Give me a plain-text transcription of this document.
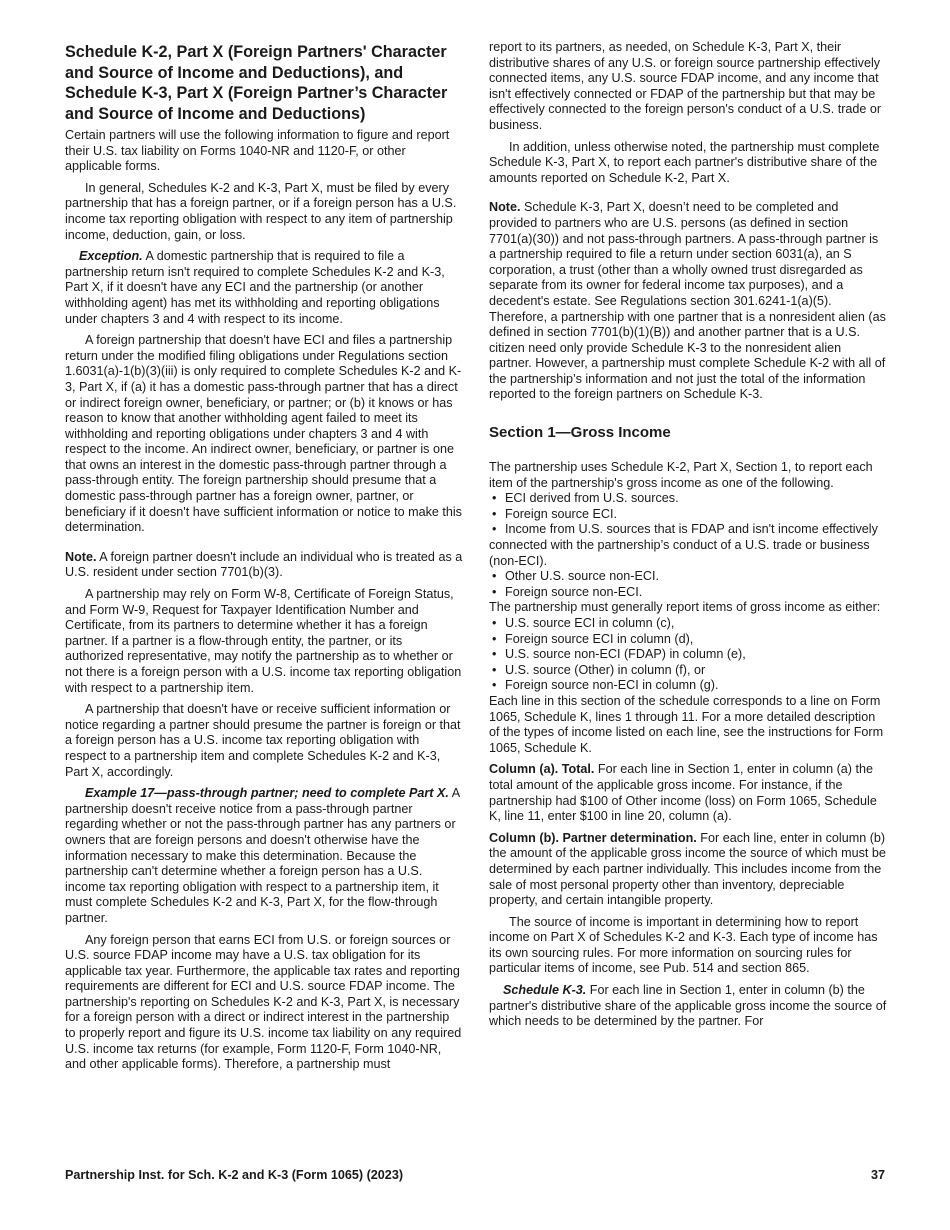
Schedule K-2, Part X (Foreign Partners' Character and Source of Income and Deductions), and Schedule K-3, Part X (Foreign Partner’s Character and Source of Income and Deductions)

Certain partners will use the following information to figure and report their U.S. tax liability on Forms 1040-NR and 1120-F, or other applicable forms.

In general, Schedules K-2 and K-3, Part X, must be filed by every partnership that has a foreign partner, or if a foreign person has a U.S. income tax reporting obligation with respect to any item of partnership income, deduction, gain, or loss.

Exception. A domestic partnership that is required to file a partnership return isn't required to complete Schedules K-2 and K-3, Part X, if it doesn't have any ECI and the partnership (or another withholding agent) has met its withholding and reporting obligations under chapters 3 and 4 with respect to its income.

A foreign partnership that doesn't have ECI and files a partnership return under the modified filing obligations under Regulations section 1.6031(a)-1(b)(3)(iii) is only required to complete Schedules K-2 and K-3, Part X, if (a) it has a domestic pass-through partner that has a direct or indirect foreign owner, beneficiary, or partner; or (b) it knows or has reason to know that another withholding agent failed to meet its withholding and reporting obligations under chapters 3 and 4 with respect to the income. An indirect owner, beneficiary, or partner is one that owns an interest in the domestic pass-through partner through a pass-through entity. The foreign partnership should presume that a domestic pass-through partner has a foreign owner, partner, or beneficiary if it doesn't have sufficient information or notice to make this determination.

Note. A foreign partner doesn't include an individual who is treated as a U.S. resident under section 7701(b)(3).

A partnership may rely on Form W-8, Certificate of Foreign Status, and Form W-9, Request for Taxpayer Identification Number and Certificate, from its partners to determine whether it has a foreign partner. If a partner is a flow-through entity, the partner, or its authorized representative, may notify the partnership as to whether or not there is a foreign person with a U.S. income tax reporting obligation with respect to a partnership item.

A partnership that doesn't have or receive sufficient information or notice regarding a partner should presume the partner is foreign or that a foreign person has a U.S. income tax reporting obligation with respect to a partnership item and complete Schedules K-2 and K-3, Part X, accordingly.

Example 17—pass-through partner; need to complete Part X. A partnership doesn't receive notice from a pass-through partner regarding whether or not the pass-through partner has any partners or owners that are foreign persons and doesn't otherwise have the information necessary to make this determination. Because the partnership can't determine whether a foreign person has a U.S. income tax reporting obligation with respect to a partnership item, it must complete Schedules K-2 and K-3, Part X, for the flow-through partner.

Any foreign person that earns ECI from U.S. or foreign sources or U.S. source FDAP income may have a U.S. tax obligation for its applicable tax year. Furthermore, the applicable tax rates and reporting requirements are different for ECI and U.S. source FDAP income. The partnership's reporting on Schedules K-2 and K-3, Part X, is necessary for a foreign person with a direct or indirect interest in the partnership to properly report and figure its U.S. income tax liability on any required U.S. income tax returns (for example, Form 1120-F, Form 1040-NR, and other applicable forms). Therefore, a partnership must

report to its partners, as needed, on Schedule K-3, Part X, their distributive shares of any U.S. or foreign source partnership effectively connected items, any U.S. source FDAP income, and any income that isn't effectively connected or FDAP of the partnership but that may be effectively connected to the foreign person's conduct of a U.S. trade or business.

In addition, unless otherwise noted, the partnership must complete Schedule K-3, Part X, to report each partner's distributive share of the amounts reported on Schedule K-2, Part X.

Note. Schedule K-3, Part X, doesn’t need to be completed and provided to partners who are U.S. persons (as defined in section 7701(a)(30)) and not pass-through partners. A pass-through partner is a partnership required to file a return under section 6031(a), an S corporation, a trust (other than a wholly owned trust disregarded as separate from its owner for federal income tax purposes), and a decedent's estate. See Regulations section 301.6241-1(a)(5). Therefore, a partnership with one partner that is a nonresident alien (as defined in section 7701(b)(1)(B)) and another partner that is a U.S. citizen need only provide Schedule K-3 to the nonresident alien partner. However, a partnership must complete Schedule K-2 with all of the partnership’s information and not just the total of the information reported to the foreign partners on Schedule K-3.

Section 1—Gross Income
The partnership uses Schedule K-2, Part X, Section 1, to report each item of the partnership's gross income as one of the following.
• ECI derived from U.S. sources.
• Foreign source ECI.
• Income from U.S. sources that is FDAP and isn't income effectively connected with the partnership’s conduct of a U.S. trade or business (non-ECI).
• Other U.S. source non-ECI.
• Foreign source non-ECI.
The partnership must generally report items of gross income as either:
• U.S. source ECI in column (c),
• Foreign source ECI in column (d),
• U.S. source non-ECI (FDAP) in column (e),
• U.S. source (Other) in column (f), or
• Foreign source non-ECI in column (g).

Each line in this section of the schedule corresponds to a line on Form 1065, Schedule K, lines 1 through 11. For a more detailed description of the types of income listed on each line, see the instructions for Form 1065, Schedule K.

Column (a). Total. For each line in Section 1, enter in column (a) the total amount of the applicable gross income. For instance, if the partnership had $100 of Other income (loss) on Form 1065, Schedule K, line 11, enter $100 in line 20, column (a).

Column (b). Partner determination. For each line, enter in column (b) the amount of the applicable gross income the source of which must be determined by each partner individually. This includes income from the sale of most personal property other than inventory, depreciable property, and certain intangible property.

The source of income is important in determining how to report income on Part X of Schedules K-2 and K-3. Each type of income has its own sourcing rules. For more information on sourcing rules for particular items of income, see Pub. 514 and section 865.

Schedule K-3. For each line in Section 1, enter in column (b) the partner's distributive share of the applicable gross income the source of which needs to be determined by the partner. For

Partnership Inst. for Sch. K-2 and K-3 (Form 1065) (2023)	37
